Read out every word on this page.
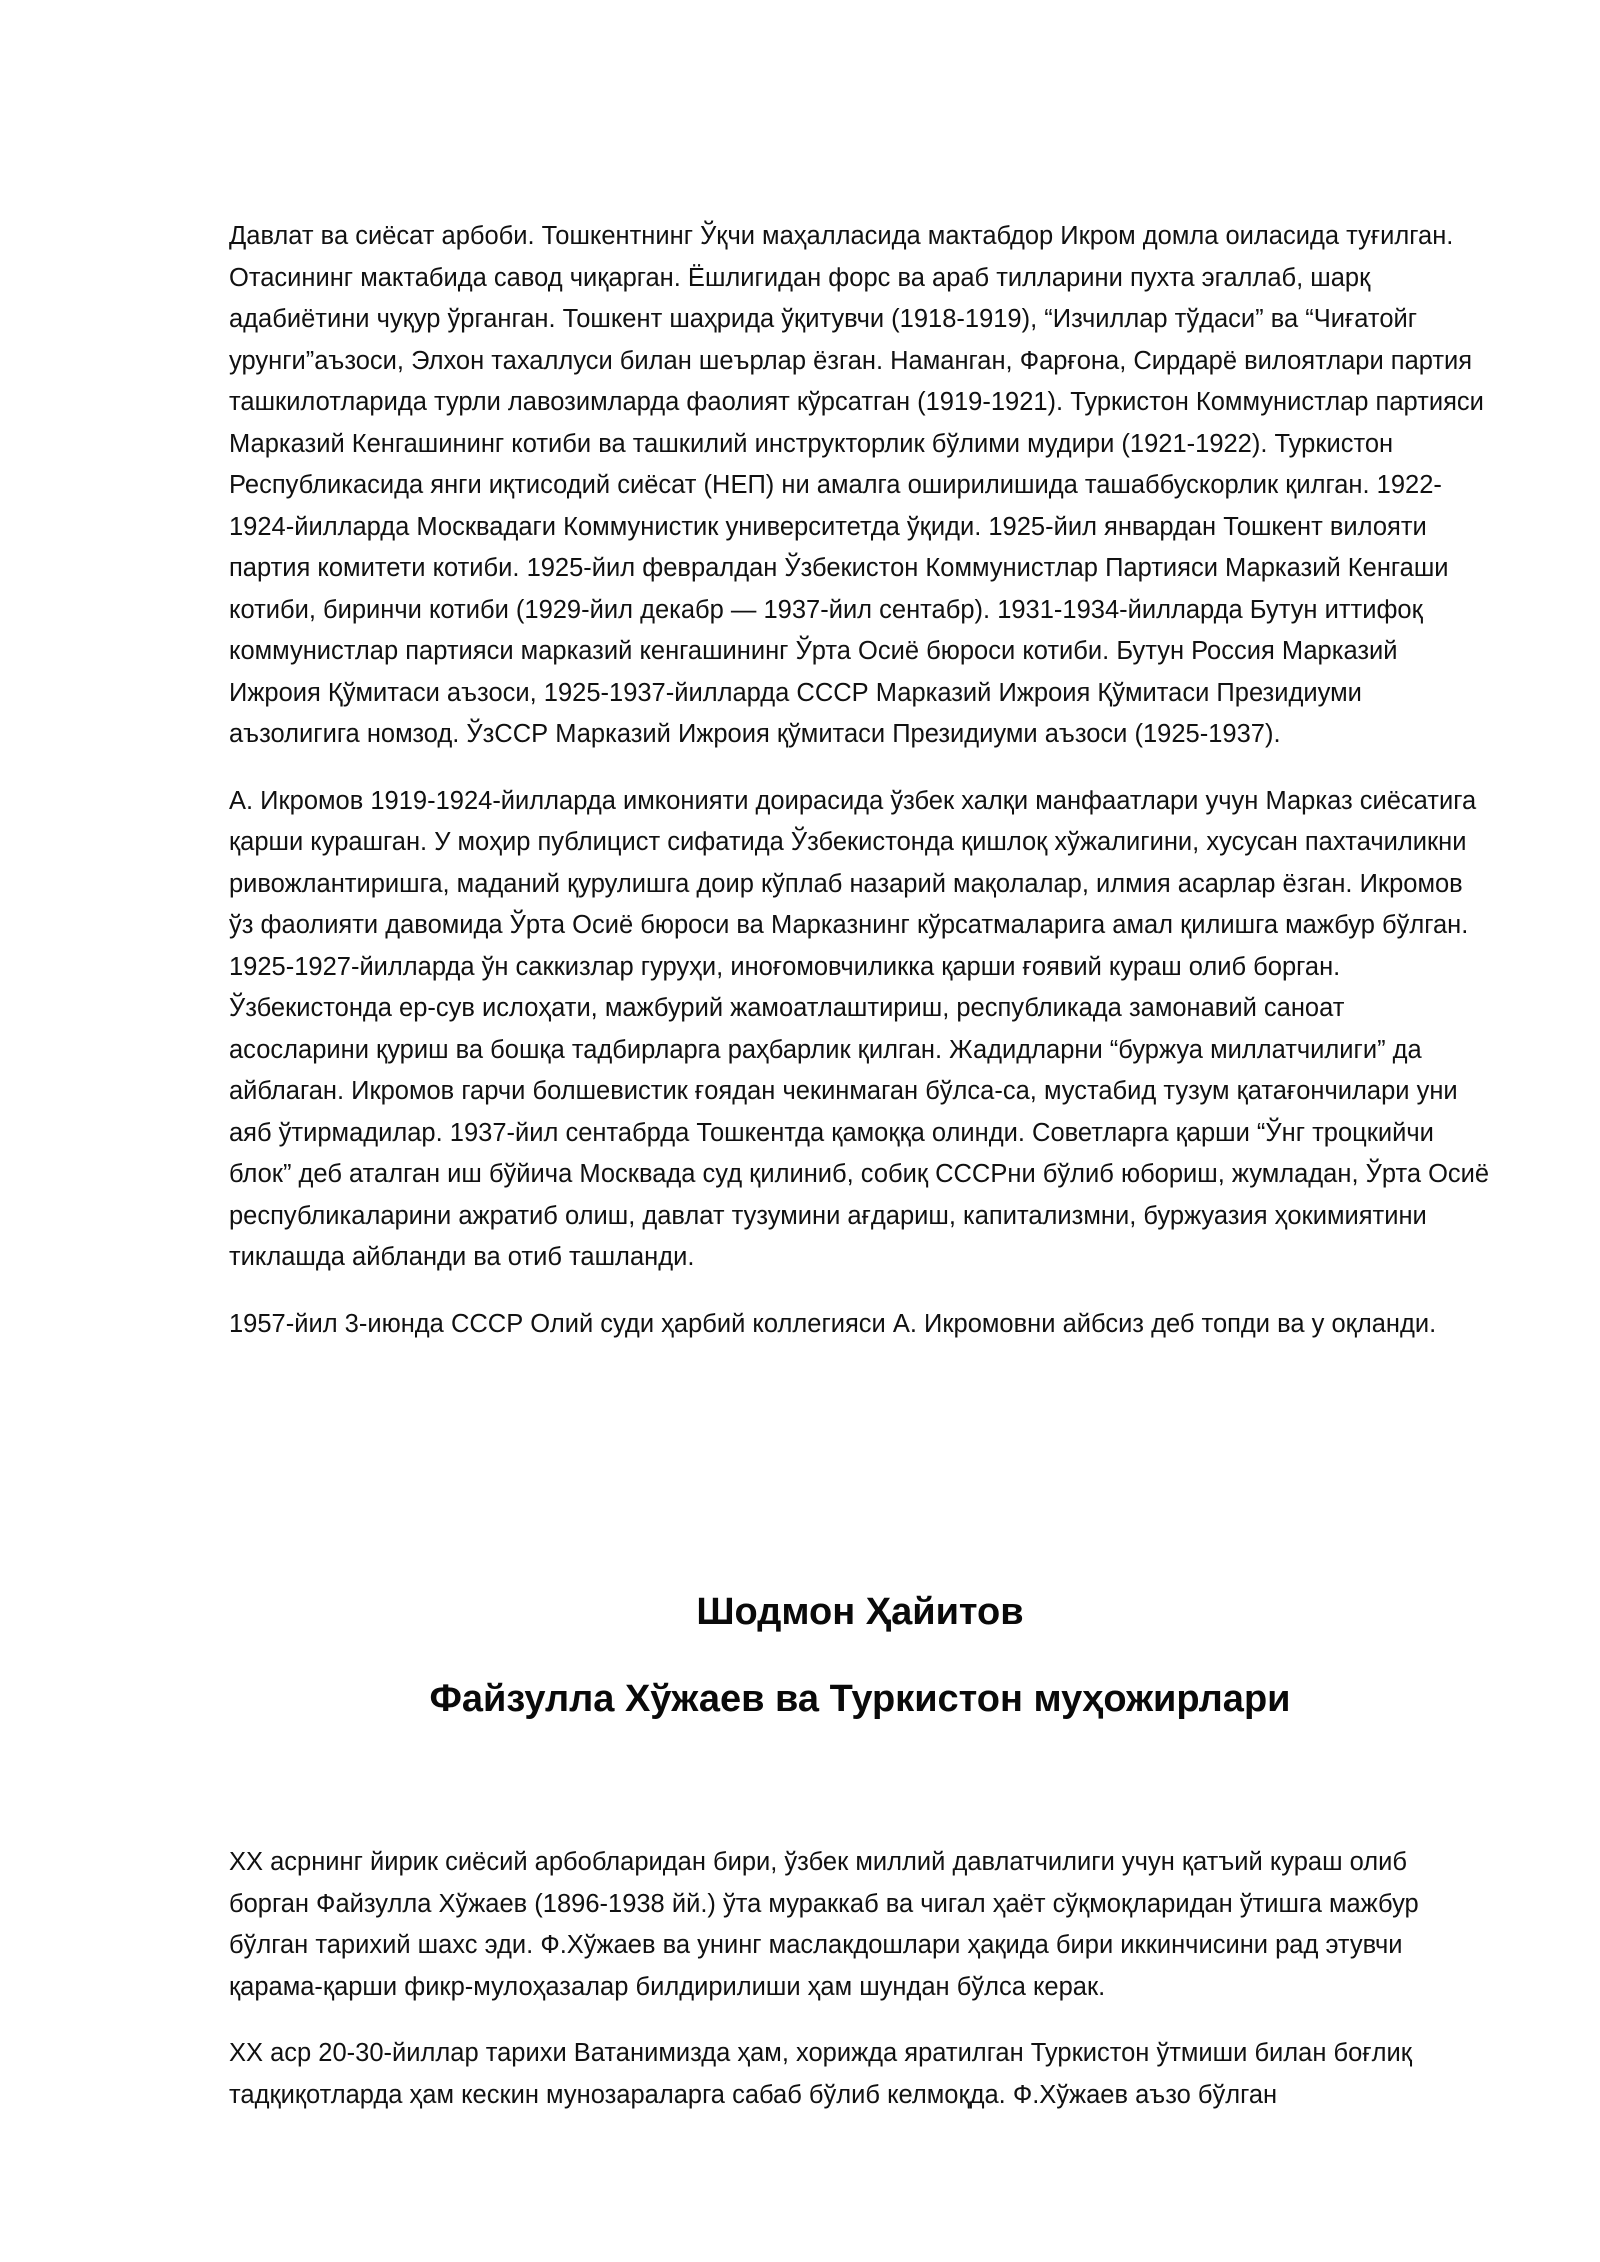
Давлат ва сиёсат арбоби. Тошкентнинг Ўқчи маҳалласида мактабдор Икром домла оиласида туғилган. Отасининг мактабида савод чиқарган. Ёшлигидан форс ва араб тилларини пухта эгаллаб, шарқ адабиётини чуқур ўрганган. Тошкент шаҳрида ўқитувчи (1918-1919), “Изчиллар тўдаси” ва “Чиғатойг урунги”аъзоси, Элхон тахаллуси билан шеърлар ёзган. Наманган, Фарғона, Сирдарё вилоятлари партия ташкилотларида турли лавозимларда фаолият кўрсатган (1919-1921). Туркистон Коммунистлар партияси Марказий Кенгашининг котиби ва ташкилий инструкторлик бўлими мудири (1921-1922). Туркистон Республикасида янги иқтисодий сиёсат (НЕП) ни амалга оширилишида ташаббускорлик қилган. 1922-1924-йилларда Москвадаги Коммунистик университетда ўқиди. 1925-йил январдан Тошкент вилояти партия комитети котиби. 1925-йил февралдан Ўзбекистон Коммунистлар Партияси Марказий Кенгаши котиби, биринчи котиби (1929-йил декабр — 1937-йил сентабр). 1931-1934-йилларда Бутун иттифоқ коммунистлар партияси марказий кенгашининг Ўрта Осиё бюроси котиби. Бутун Россия Марказий Ижроия Қўмитаси аъзоси, 1925-1937-йилларда СССР Марказий Ижроия Қўмитаси Президиуми аъзолигига номзод. ЎзССР Марказий Ижроия қўмитаси Президиуми аъзоси (1925-1937).

А. Икромов 1919-1924-йилларда имконияти доирасида ўзбек халқи манфаатлари учун Марказ сиёсатига қарши курашган. У моҳир публицист сифатида Ўзбекистонда қишлоқ хўжалигини, хусусан пахтачиликни ривожлантиришга, маданий қурулишга доир кўплаб назарий мақолалар, илмия асарлар ёзган. Икромов ўз фаолияти давомида Ўрта Осиё бюроси ва Марказнинг кўрсатмаларига амал қилишга мажбур бўлган. 1925-1927-йилларда ўн саккизлар гуруҳи, иноғомовчиликка қарши ғоявий кураш олиб борган. Ўзбекистонда ер-сув ислоҳати, мажбурий жамоатлаштириш, республикада замонавий саноат асосларини қуриш ва бошқа тадбирларга раҳбарлик қилган. Жадидларни “буржуа миллатчилиги” да айблаган. Икромов гарчи болшевистик ғоядан чекинмаган бўлса-са, мустабид тузум қатағончилари уни аяб ўтирмадилар. 1937-йил сентабрда Тошкентда қамоққа олинди. Советларга қарши “Ўнг троцкийчи блок” деб аталган иш бўйича Москвада суд қилиниб, собиқ СССРни бўлиб юбориш, жумладан, Ўрта Осиё республикаларини ажратиб олиш, давлат тузумини ағдариш, капитализмни, буржуазия ҳокимиятини тиклашда айбланди ва отиб ташланди.

1957-йил 3-июнда СССР Олий суди ҳарбий коллегияси А. Икромовни айбсиз деб топди ва у оқланди.

Шодмон Ҳайитов
Файзулла Хўжаев ва Туркистон муҳожирлари

XX асрнинг йирик сиёсий арбобларидан бири, ўзбек миллий давлатчилиги учун қатъий кураш олиб борган Файзулла Хўжаев (1896-1938 йй.) ўта мураккаб ва чигал ҳаёт сўқмоқларидан ўтишга мажбур бўлган тарихий шахс эди. Ф.Хўжаев ва унинг маслакдошлари ҳақида бири иккинчисини рад этувчи қарама-қарши фикр-мулоҳазалар билдирилиши ҳам шундан бўлса керак.

XX аср 20-30-йиллар тарихи Ватанимизда ҳам, хорижда яратилган Туркистон ўтмиши билан боғлиқ тадқиқотларда ҳам кескин мунозараларга сабаб бўлиб келмоқда. Ф.Хўжаев аъзо бўлган
